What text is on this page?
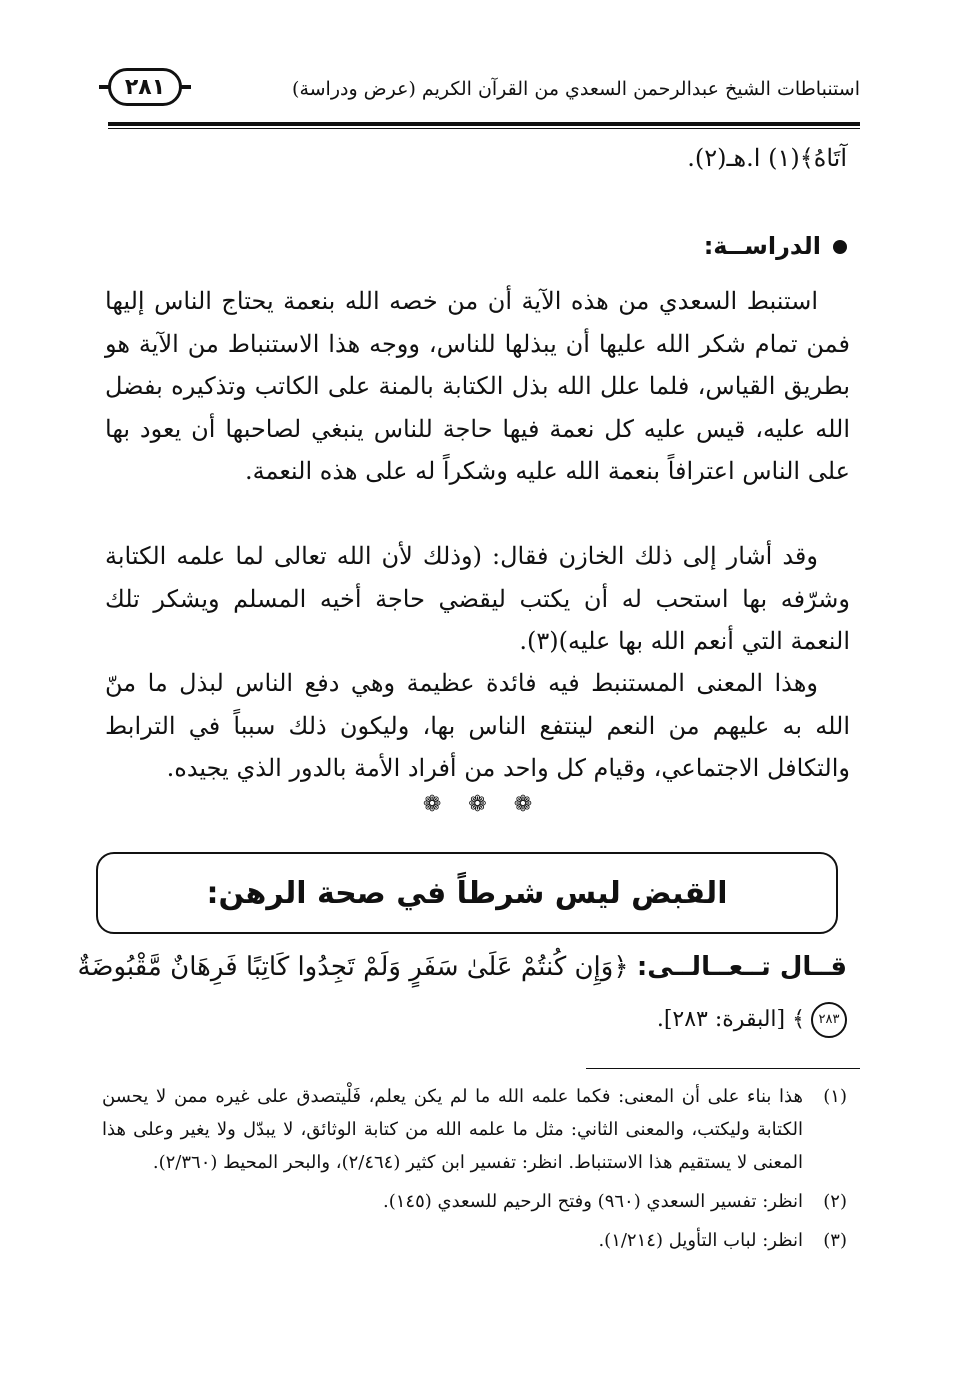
٢٨١	استنباطات الشيخ عبدالرحمن السعدي من القرآن الكريم (عرض ودراسة)
آتَاهُ﴾(١) ا.هـ(٢).
الدراســة:
استنبط السعدي من هذه الآية أن من خصه الله بنعمة يحتاج الناس إليها فمن تمام شكر الله عليها أن يبذلها للناس، ووجه هذا الاستنباط من الآية هو بطريق القياس، فلما علل الله بذل الكتابة بالمنة على الكاتب وتذكيره بفضل الله عليه، قيس عليه كل نعمة فيها حاجة للناس ينبغي لصاحبها أن يعود بها على الناس اعترافاً بنعمة الله عليه وشكراً له على هذه النعمة.
وقد أشار إلى ذلك الخازن فقال: (وذلك لأن الله تعالى لما علمه الكتابة وشرّفه بها استحب له أن يكتب ليقضي حاجة أخيه المسلم ويشكر تلك النعمة التي أنعم الله بها عليه)(٣).
وهذا المعنى المستنبط فيه فائدة عظيمة وهي دفع الناس لبذل ما منّ الله به عليهم من النعم لينتفع الناس بها، وليكون ذلك سبباً في الترابط والتكافل الاجتماعي، وقيام كل واحد من أفراد الأمة بالدور الذي يجيده.
❁ ❁ ❁
القبض ليس شرطاً في صحة الرهن:
قــال تــعــالــى: ﴿وَإِن كُنتُمْ عَلَىٰ سَفَرٍ وَلَمْ تَجِدُوا كَاتِبًا فَرِهَانٌ مَّقْبُوضَةٌ
٢٨٣﴾ [البقرة: ٢٨٣].
(١)
هذا بناء على أن المعنى: فكما علمه الله ما لم يكن يعلم، فَلْيتصدق على غيره ممن لا يحسن الكتابة وليكتب، والمعنى الثاني: مثل ما علمه الله من كتابة الوثائق، لا يبدّل ولا يغير وعلى هذا المعنى لا يستقيم هذا الاستنباط. انظر: تفسير ابن كثير (٢/٤٦٤)، والبحر المحيط (٢/٣٦٠).
(٢)
انظر: تفسير السعدي (٩٦٠) وفتح الرحيم للسعدي (١٤٥).
(٣)
انظر: لباب التأويل (١/٢١٤).
